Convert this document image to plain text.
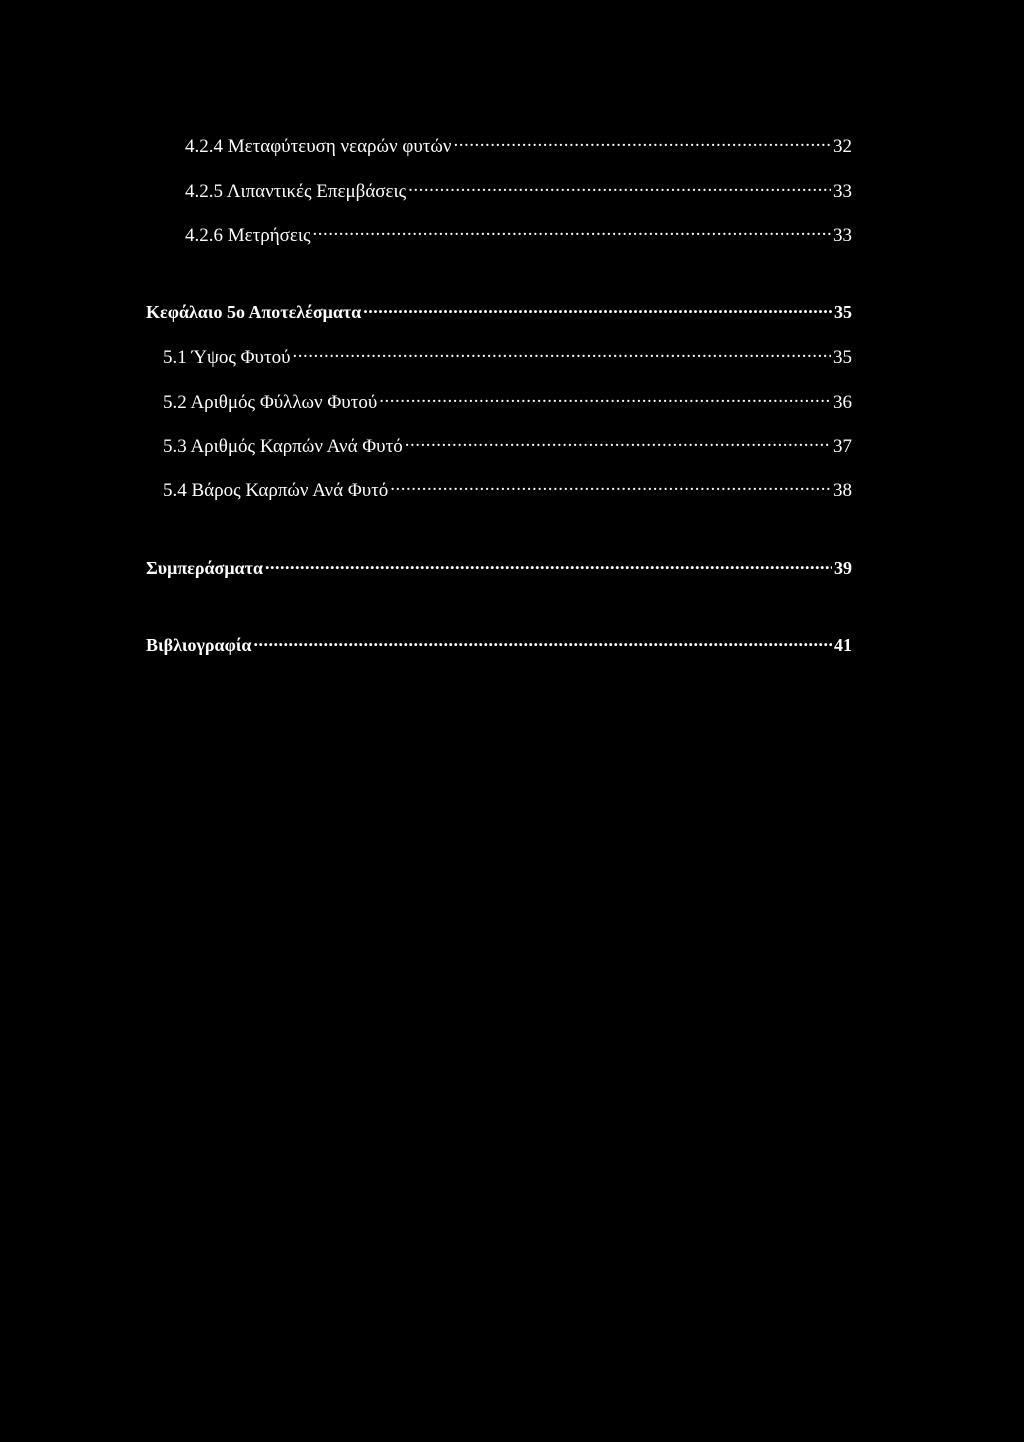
4.2.4 Μεταφύτευση νεαρών φυτών .....	32
4.2.5 Λιπαντικές Επεμβάσεις .....	33
4.2.6 Μετρήσεις .....	33
Κεφάλαιο 5ο Αποτελέσματα .....	35
5.1 Ύψος Φυτού .....	35
5.2 Αριθμός Φύλλων Φυτού .....	36
5.3 Αριθμός Καρπών Ανά Φυτό .....	37
5.4 Βάρος Καρπών Ανά Φυτό .....	38
Συμπεράσματα .....	39
Βιβλιογραφία .....	41
